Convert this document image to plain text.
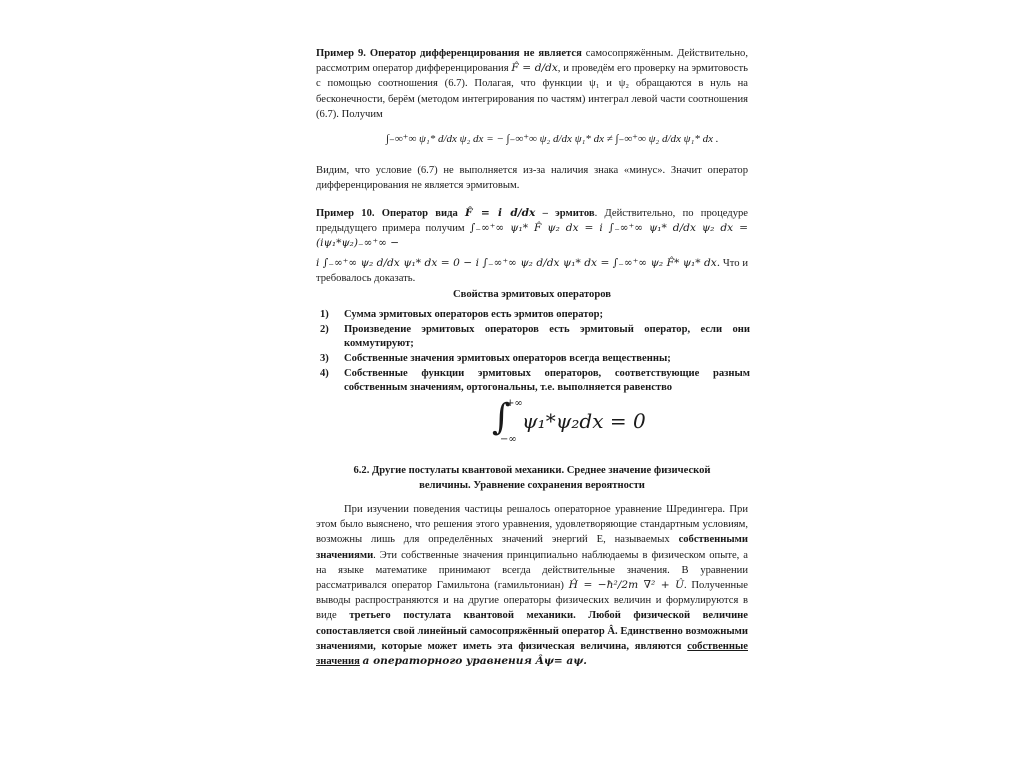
Пример 9. Оператор дифференцирования не является самосопряжённым. Действительно, рассмотрим оператор дифференцирования F̂ = d/dx, и проведём его проверку на эрмитовость с помощью соотношения (6.7). Полагая, что функции ψ₁ и ψ₂ обращаются в нуль на бесконечности, берём (методом интегрирования по частям) интеграл левой части соотношения (6.7). Получим

∫₋∞⁺∞ ψ₁* d/dx ψ₂ dx = − ∫₋∞⁺∞ ψ₂ d/dx ψ₁* dx ≠ ∫₋∞⁺∞ ψ₂ d/dx ψ₁* dx .

Видим, что условие (6.7) не выполняется из-за наличия знака «минус». Значит оператор дифференцирования не является эрмитовым.

Пример 10. Оператор вида F̂ = i d/dx – эрмитов. Действительно, по процедуре предыдущего примера получим ∫₋∞⁺∞ ψ₁* F̂ ψ₂ dx = i ∫₋∞⁺∞ ψ₁* d/dx ψ₂ dx = (iψ₁*ψ₂)₋∞⁺∞ −

i ∫₋∞⁺∞ ψ₂ d/dx ψ₁* dx = 0 − i ∫₋∞⁺∞ ψ₂ d/dx ψ₁* dx = ∫₋∞⁺∞ ψ₂ F̂* ψ₁* dx. Что и требовалось доказать.

Свойства эрмитовых операторов

1) Сумма эрмитовых операторов есть эрмитов оператор;
2) Произведение эрмитовых операторов есть эрмитовый оператор, если они коммутируют;
3) Собственные значения эрмитовых операторов всегда вещественны;
4) Собственные функции эрмитовых операторов, соответствующие разным собственным значениям, ортогональны, т.е. выполняется равенство
∫
+∞
−∞
ψ₁*ψ₂dx = 0

6.2. Другие постулаты квантовой механики. Среднее значение физической

величины. Уравнение сохранения вероятности

При изучении поведения частицы решалось операторное уравнение Шредингера. При этом было выяснено, что решения этого уравнения, удовлетворяющие стандартным условиям, возможны лишь для определённых значений энергий Ε, называемых собственными значениями. Эти собственные значения принципиально наблюдаемы в физическом опыте, а на языке математике принимают всегда действительные значения. В уравнении рассматривался оператор Гамильтона (гамильтониан) Ĥ = −ħ²/2m ∇² + Û. Полученные выводы распространяются и на другие операторы физических величин и формулируются в виде третьего постулата квантовой механики. Любой физической величине сопоставляется свой линейный самосопряжённый оператор Â. Единственно возможными значениями, которые может иметь эта физическая величина, являются собственные значения a операторного уравнения Âψ= aψ.
